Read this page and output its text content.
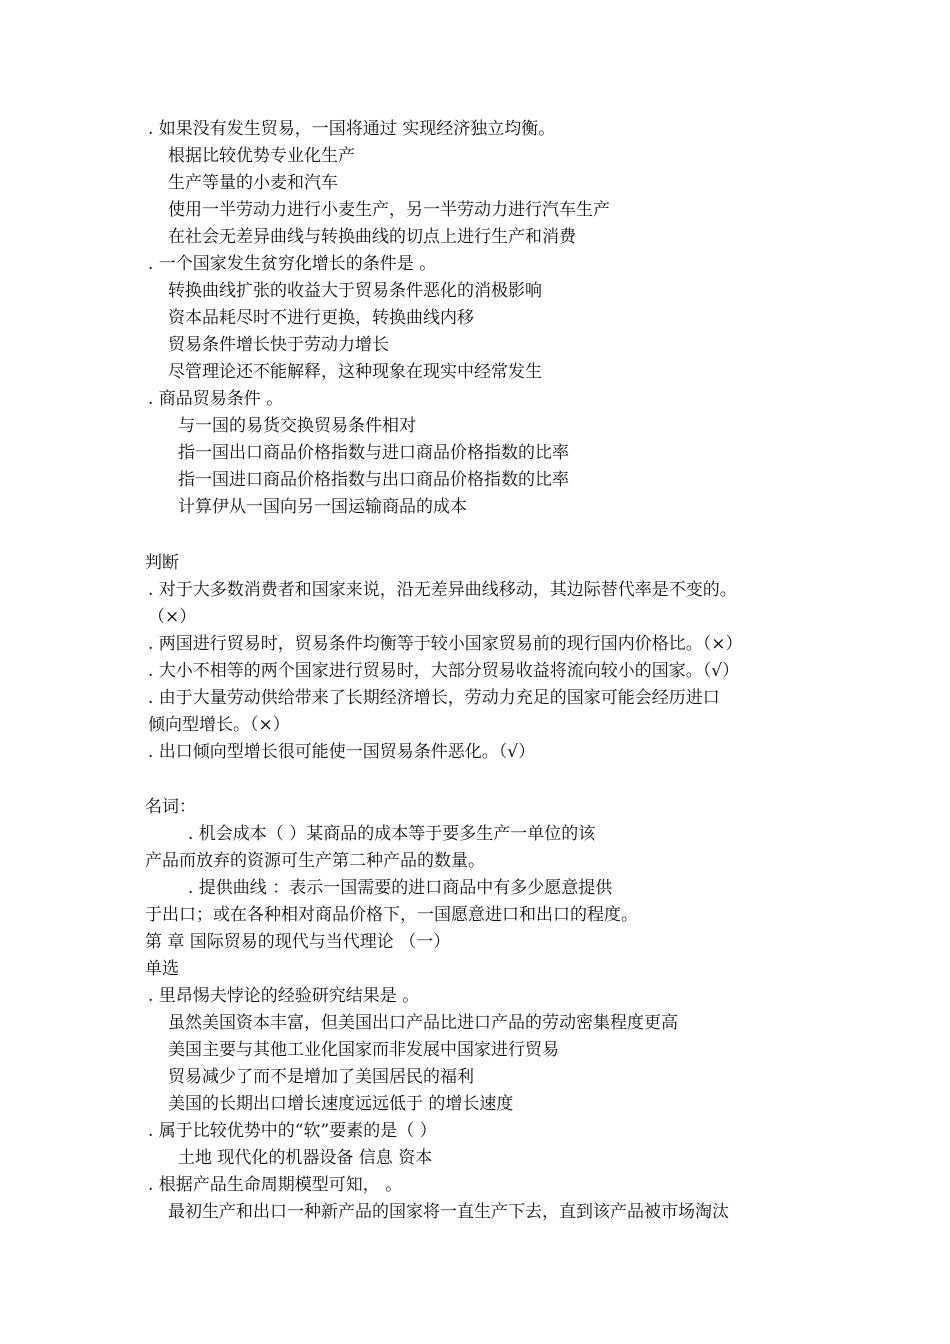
. 如果没有发生贸易，一国将通过 实现经济独立均衡。
根据比较优势专业化生产
生产等量的小麦和汽车
使用一半劳动力进行小麦生产，另一半劳动力进行汽车生产
在社会无差异曲线与转换曲线的切点上进行生产和消费
. 一个国家发生贫穷化增长的条件是 。
转换曲线扩张的收益大于贸易条件恶化的消极影响
资本品耗尽时不进行更换，转换曲线内移
贸易条件增长快于劳动力增长
尽管理论还不能解释，这种现象在现实中经常发生
. 商品贸易条件 。
与一国的易货交换贸易条件相对
指一国出口商品价格指数与进口商品价格指数的比率
指一国进口商品价格指数与出口商品价格指数的比率
计算伊从一国向另一国运输商品的成本
判断
. 对于大多数消费者和国家来说，沿无差异曲线移动，其边际替代率是不变的。
（×）
. 两国进行贸易时，贸易条件均衡等于较小国家贸易前的现行国内价格比。（×）
. 大小不相等的两个国家进行贸易时，大部分贸易收益将流向较小的国家。（√）
. 由于大量劳动供给带来了长期经济增长，劳动力充足的国家可能会经历进口
倾向型增长。（×）
. 出口倾向型增长很可能使一国贸易条件恶化。（√）
名词：
. 机会成本（ ）某商品的成本等于要多生产一单位的该
产品而放弃的资源可生产第二种产品的数量。
. 提供曲线 ：表示一国需要的进口商品中有多少愿意提供
于出口；或在各种相对商品价格下，一国愿意进口和出口的程度。
第 章 国际贸易的现代与当代理论 （一）
单选
. 里昂惕夫悖论的经验研究结果是 。
虽然美国资本丰富，但美国出口产品比进口产品的劳动密集程度更高
美国主要与其他工业化国家而非发展中国家进行贸易
贸易减少了而不是增加了美国居民的福利
美国的长期出口增长速度远远低于 的增长速度
. 属于比较优势中的“软”要素的是（ ）
土地 现代化的机器设备 信息 资本
. 根据产品生命周期模型可知， 。
最初生产和出口一种新产品的国家将一直生产下去，直到该产品被市场淘汰
